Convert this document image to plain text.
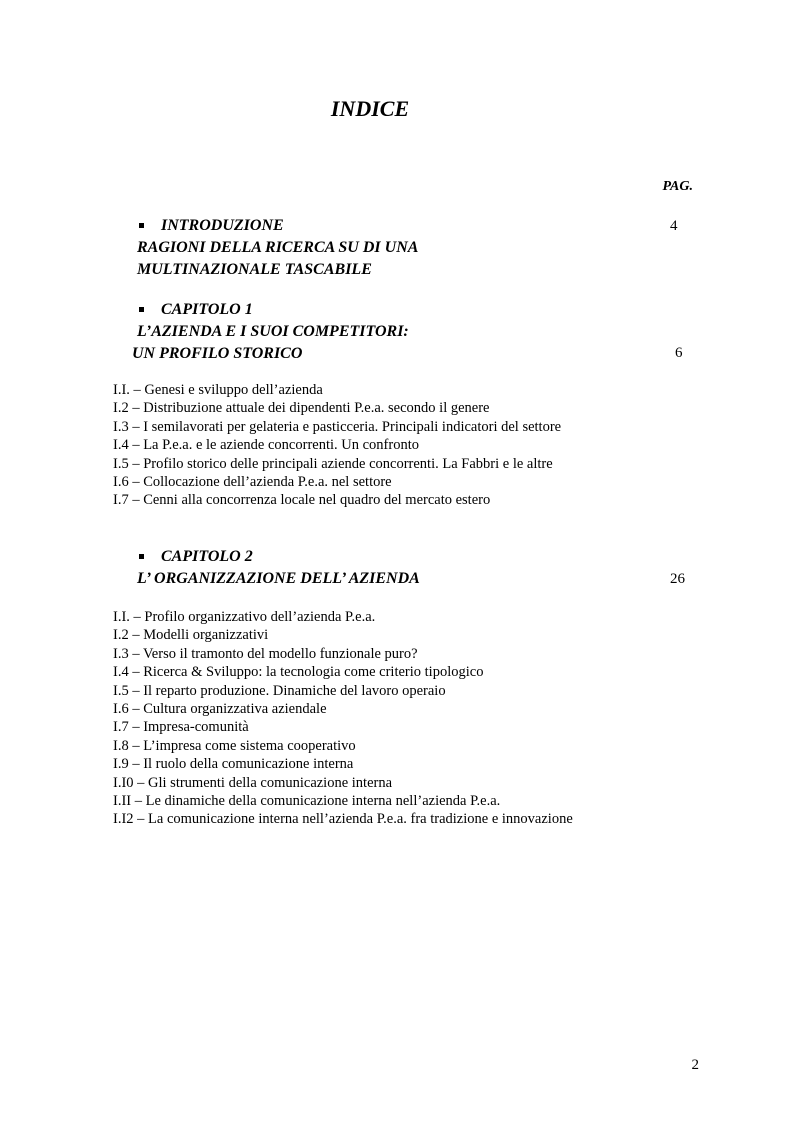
INDICE
PAG.
INTRODUZIONE
RAGIONI DELLA RICERCA SU DI UNA
MULTINAZIONALE TASCABILE
4
CAPITOLO 1
L’AZIENDA E I SUOI COMPETITORI:
UN PROFILO STORICO	6
I.I. – Genesi e sviluppo dell’azienda
I.2 – Distribuzione attuale dei dipendenti P.e.a. secondo il genere
I.3 – I semilavorati per gelateria e pasticceria. Principali indicatori del settore
I.4 – La P.e.a. e le aziende concorrenti. Un confronto
I.5 – Profilo storico delle principali aziende concorrenti. La Fabbri e le altre
I.6 – Collocazione dell’azienda P.e.a. nel settore
I.7 – Cenni alla concorrenza locale nel quadro del mercato estero
CAPITOLO 2
L’ ORGANIZZAZIONE DELL’ AZIENDA	26
I.I. – Profilo organizzativo dell’azienda P.e.a.
I.2 – Modelli organizzativi
I.3 – Verso il tramonto del modello funzionale puro?
I.4 – Ricerca & Sviluppo: la tecnologia come criterio tipologico
I.5 – Il reparto produzione. Dinamiche del lavoro operaio
I.6 – Cultura organizzativa aziendale
I.7 – Impresa-comunità
I.8 – L’impresa come sistema cooperativo
I.9 – Il ruolo della comunicazione interna
I.I0 – Gli strumenti della comunicazione interna
I.II – Le dinamiche della comunicazione interna nell’azienda P.e.a.
I.I2 – La comunicazione interna nell’azienda P.e.a. fra tradizione e innovazione
2
